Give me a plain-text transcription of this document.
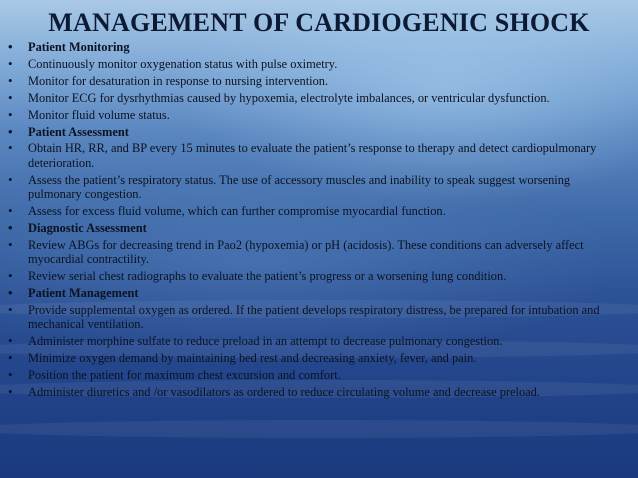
MANAGEMENT OF CARDIOGENIC SHOCK
•	Patient Monitoring
•	Continuously monitor oxygenation status with pulse oximetry.
•	Monitor for desaturation in response to nursing intervention.
•	Monitor ECG for dysrhythmias caused by hypoxemia, electrolyte imbalances, or ventricular dysfunction.
•	Monitor fluid volume status.
•	Patient Assessment
•	Obtain HR, RR, and BP every 15 minutes to evaluate the patient’s response to therapy and detect cardiopulmonary deterioration.
•	Assess the patient’s respiratory status. The use of accessory muscles and inability to speak suggest worsening pulmonary congestion.
•	Assess for excess fluid volume, which can further compromise myocardial function.
•	Diagnostic Assessment
•	Review ABGs for decreasing trend in Pao2 (hypoxemia) or pH (acidosis). These conditions can adversely affect myocardial contractility.
•	Review serial chest radiographs to evaluate the patient’s progress or a worsening lung condition.
•	Patient Management
•	Provide supplemental oxygen as ordered. If the patient develops respiratory distress, be prepared for intubation and mechanical ventilation.
•	Administer morphine sulfate to reduce preload in an attempt to decrease pulmonary congestion.
•	Minimize oxygen demand by maintaining bed rest and decreasing anxiety, fever, and pain.
•	Position the patient for maximum chest excursion and comfort.
•	Administer diuretics and /or vasodilators as ordered to reduce circulating volume and decrease preload.
